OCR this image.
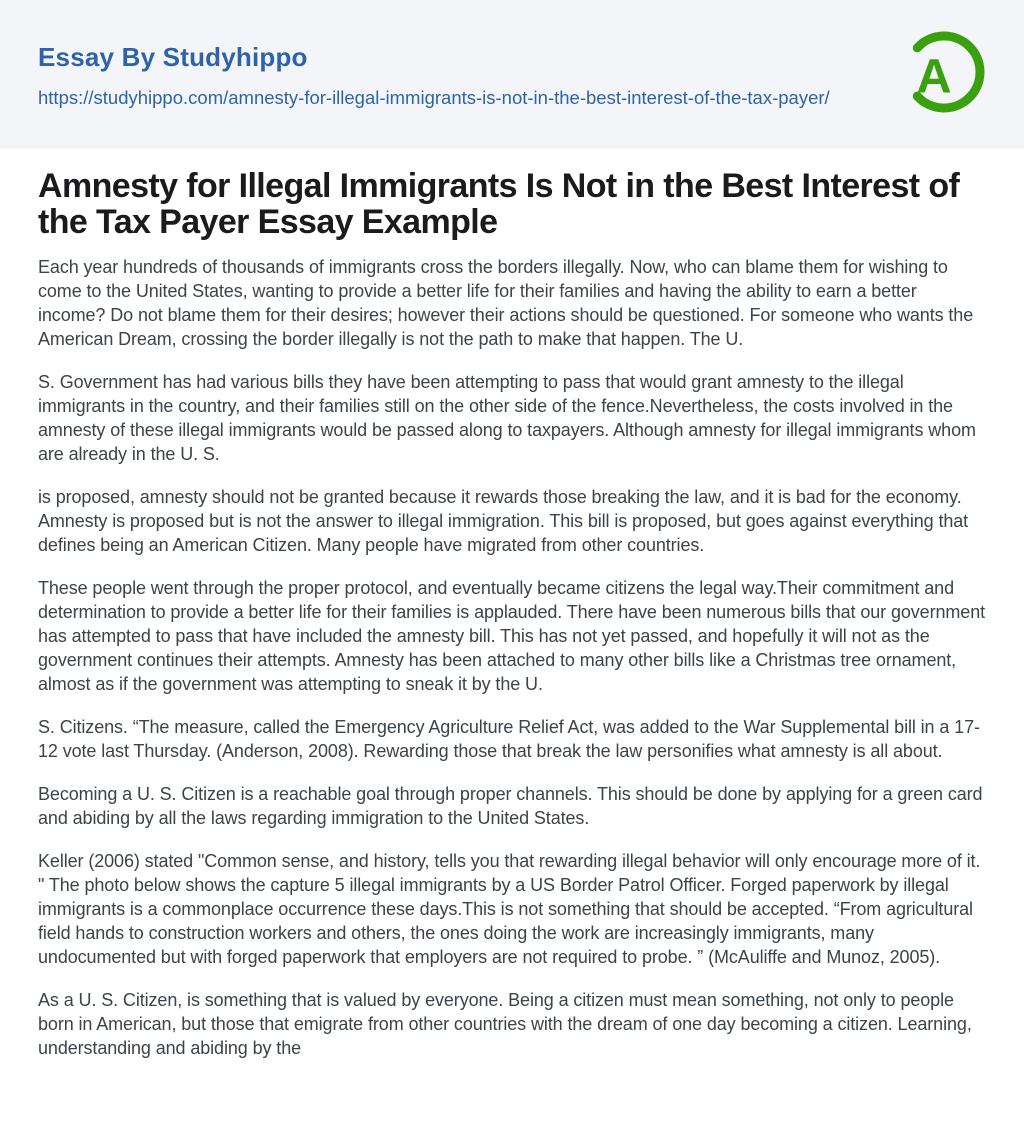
Essay By Studyhippo
https://studyhippo.com/amnesty-for-illegal-immigrants-is-not-in-the-best-interest-of-the-tax-payer/ A
Amnesty for Illegal Immigrants Is Not in the Best Interest of the Tax Payer Essay Example

Each year hundreds of thousands of immigrants cross the borders illegally. Now, who can blame them for wishing to come to the United States, wanting to provide a better life for their families and having the ability to earn a better income? Do not blame them for their desires; however their actions should be questioned. For someone who wants the American Dream, crossing the border illegally is not the path to make that happen. The U.

S. Government has had various bills they have been attempting to pass that would grant amnesty to the illegal immigrants in the country, and their families still on the other side of the fence.Nevertheless, the costs involved in the amnesty of these illegal immigrants would be passed along to taxpayers. Although amnesty for illegal immigrants whom are already in the U. S.

is proposed, amnesty should not be granted because it rewards those breaking the law, and it is bad for the economy. Amnesty is proposed but is not the answer to illegal immigration. This bill is proposed, but goes against everything that defines being an American Citizen. Many people have migrated from other countries.

These people went through the proper protocol, and eventually became citizens the legal way.Their commitment and determination to provide a better life for their families is applauded. There have been numerous bills that our government has attempted to pass that have included the amnesty bill. This has not yet passed, and hopefully it will not as the government continues their attempts. Amnesty has been attached to many other bills like a Christmas tree ornament, almost as if the government was attempting to sneak it by the U.

S. Citizens. “The measure, called the Emergency Agriculture Relief Act, was added to the War Supplemental bill in a 17-12 vote last Thursday. (Anderson, 2008). Rewarding those that break the law personifies what amnesty is all about.

Becoming a U. S. Citizen is a reachable goal through proper channels. This should be done by applying for a green card and abiding by all the laws regarding immigration to the United States.

Keller (2006) stated "Common sense, and history, tells you that rewarding illegal behavior will only encourage more of it. " The photo below shows the capture 5 illegal immigrants by a US Border Patrol Officer. Forged paperwork by illegal immigrants is a commonplace occurrence these days.This is not something that should be accepted. “From agricultural field hands to construction workers and others, the ones doing the work are increasingly immigrants, many undocumented but with forged paperwork that employers are not required to probe. ” (McAuliffe and Munoz, 2005).

As a U. S. Citizen, is something that is valued by everyone. Being a citizen must mean something, not only to people born in American, but those that emigrate from other countries with the dream of one day becoming a citizen. Learning, understanding and abiding by the
